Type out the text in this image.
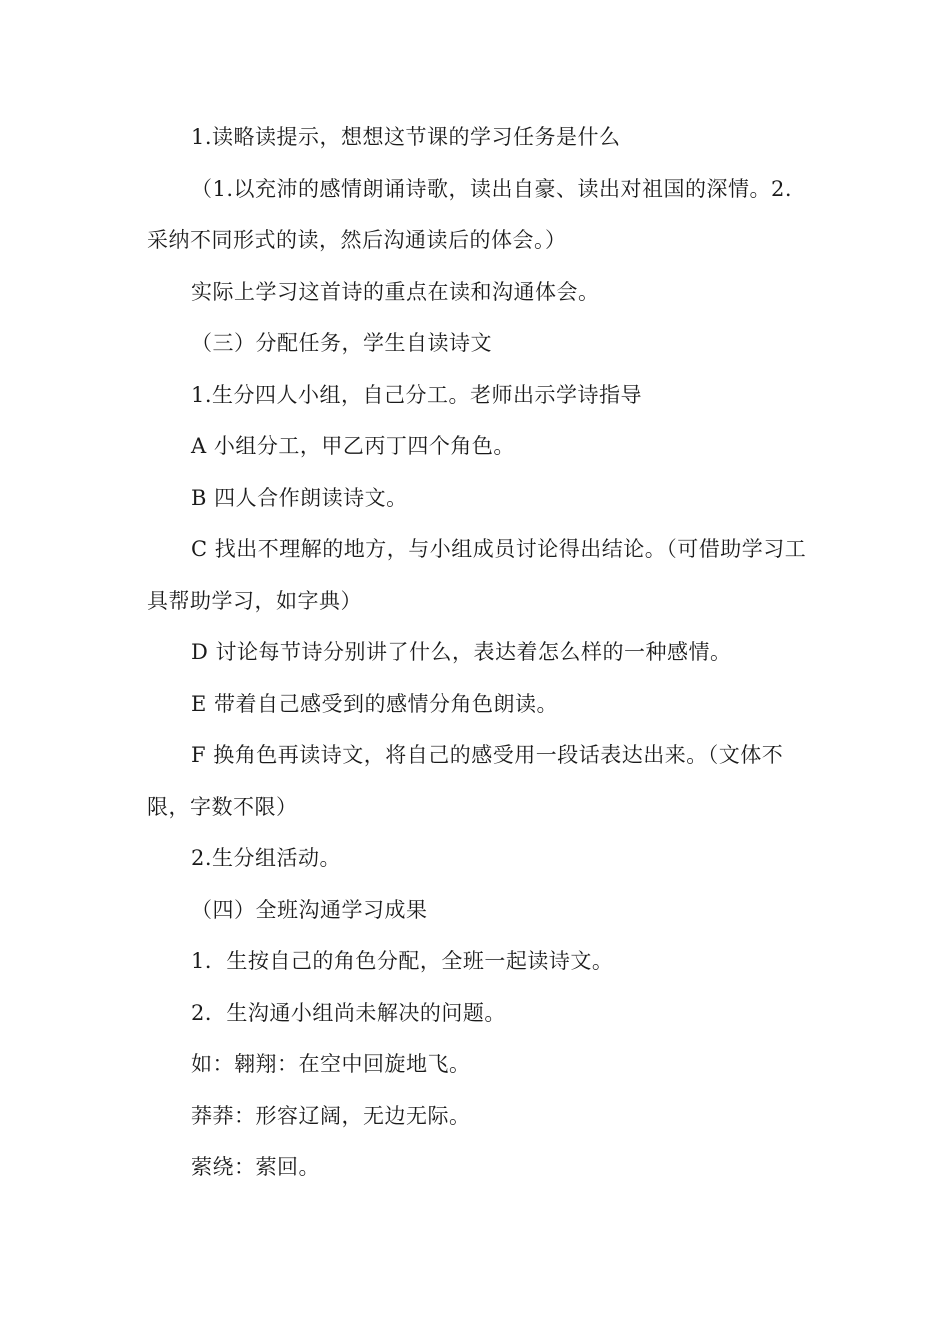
1.读略读提示，想想这节课的学习任务是什么

（1.以充沛的感情朗诵诗歌，读出自豪、读出对祖国的深情。2.采纳不同形式的读，然后沟通读后的体会。）

实际上学习这首诗的重点在读和沟通体会。

（三）分配任务，学生自读诗文

1.生分四人小组，自己分工。老师出示学诗指导

A 小组分工，甲乙丙丁四个角色。

B 四人合作朗读诗文。

C 找出不理解的地方，与小组成员讨论得出结论。（可借助学习工具帮助学习，如字典）

D 讨论每节诗分别讲了什么，表达着怎么样的一种感情。

E 带着自己感受到的感情分角色朗读。

F 换角色再读诗文，将自己的感受用一段话表达出来。（文体不限，字数不限）

2.生分组活动。

（四）全班沟通学习成果

1．生按自己的角色分配，全班一起读诗文。

2．生沟通小组尚未解决的问题。

如：翱翔：在空中回旋地飞。

莽莽：形容辽阔，无边无际。

萦绕：萦回。
